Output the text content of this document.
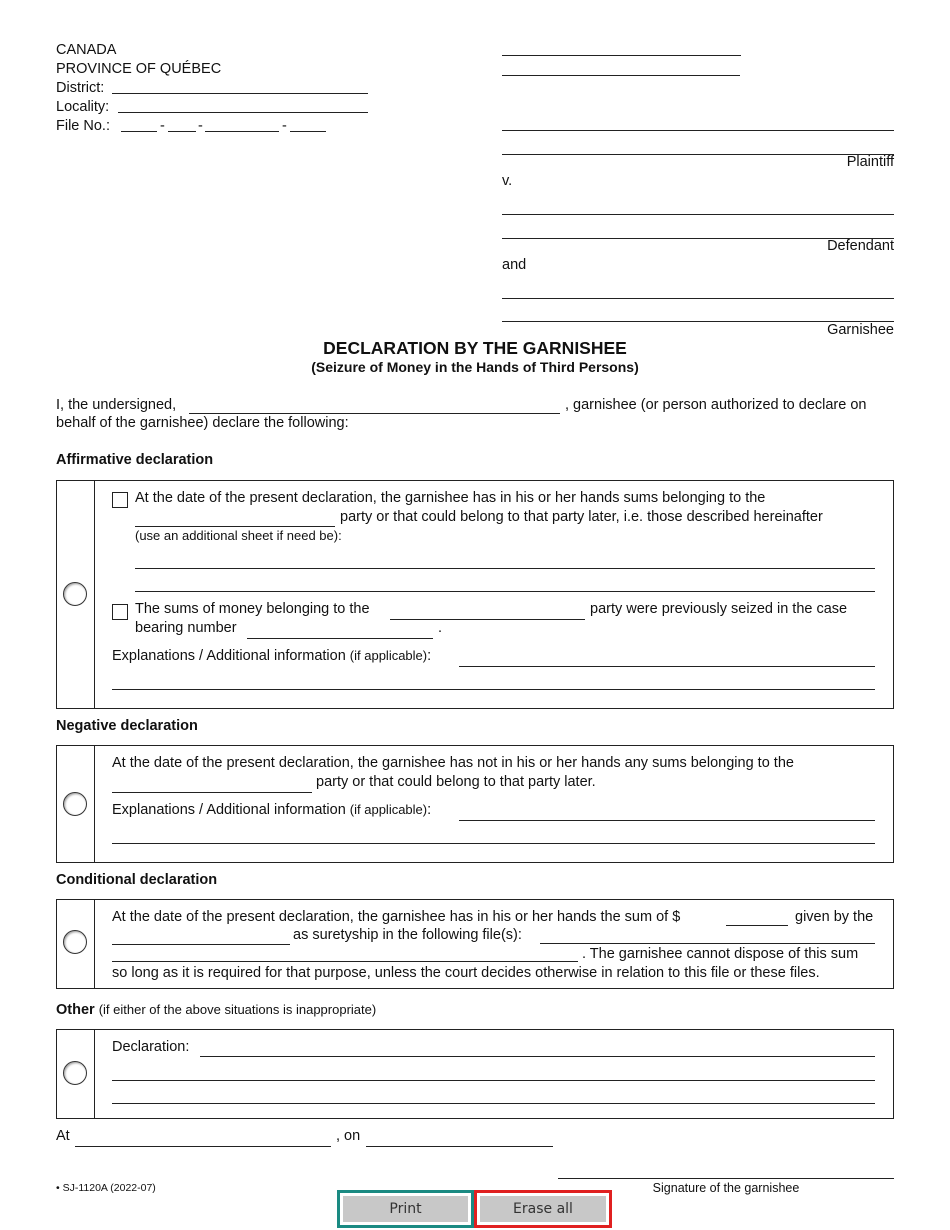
CANADA
PROVINCE OF QUÉBEC
District:
Locality:
File No.:	- -	-
Plaintiff
v.
Defendant
and
Garnishee
DECLARATION BY THE GARNISHEE
(Seizure of Money in the Hands of Third Persons)
I, the undersigned,	, garnishee (or person authorized to declare on
behalf of the garnishee) declare the following:
Affirmative declaration
At the date of the present declaration, the garnishee has in his or her hands sums belonging to the
party or that could belong to that party later, i.e. those described hereinafter
(use an additional sheet if need be):
The sums of money belonging to the	party were previously seized in the case
bearing number	.
Explanations / Additional information (if applicable):
Negative declaration
At the date of the present declaration, the garnishee has not in his or her hands any sums belonging to the
party or that could belong to that party later.
Explanations / Additional information (if applicable):
Conditional declaration
At the date of the present declaration, the garnishee has in his or her hands the sum of $	given by the
as suretyship in the following file(s):
. The garnishee cannot dispose of this sum
so long as it is required for that purpose, unless the court decides otherwise in relation to this file or these files.
Other (if either of the above situations is inappropriate)
Declaration:
At	, on
Signature of the garnishee
• SJ-1120A (2022-07)
Print	Erase all
